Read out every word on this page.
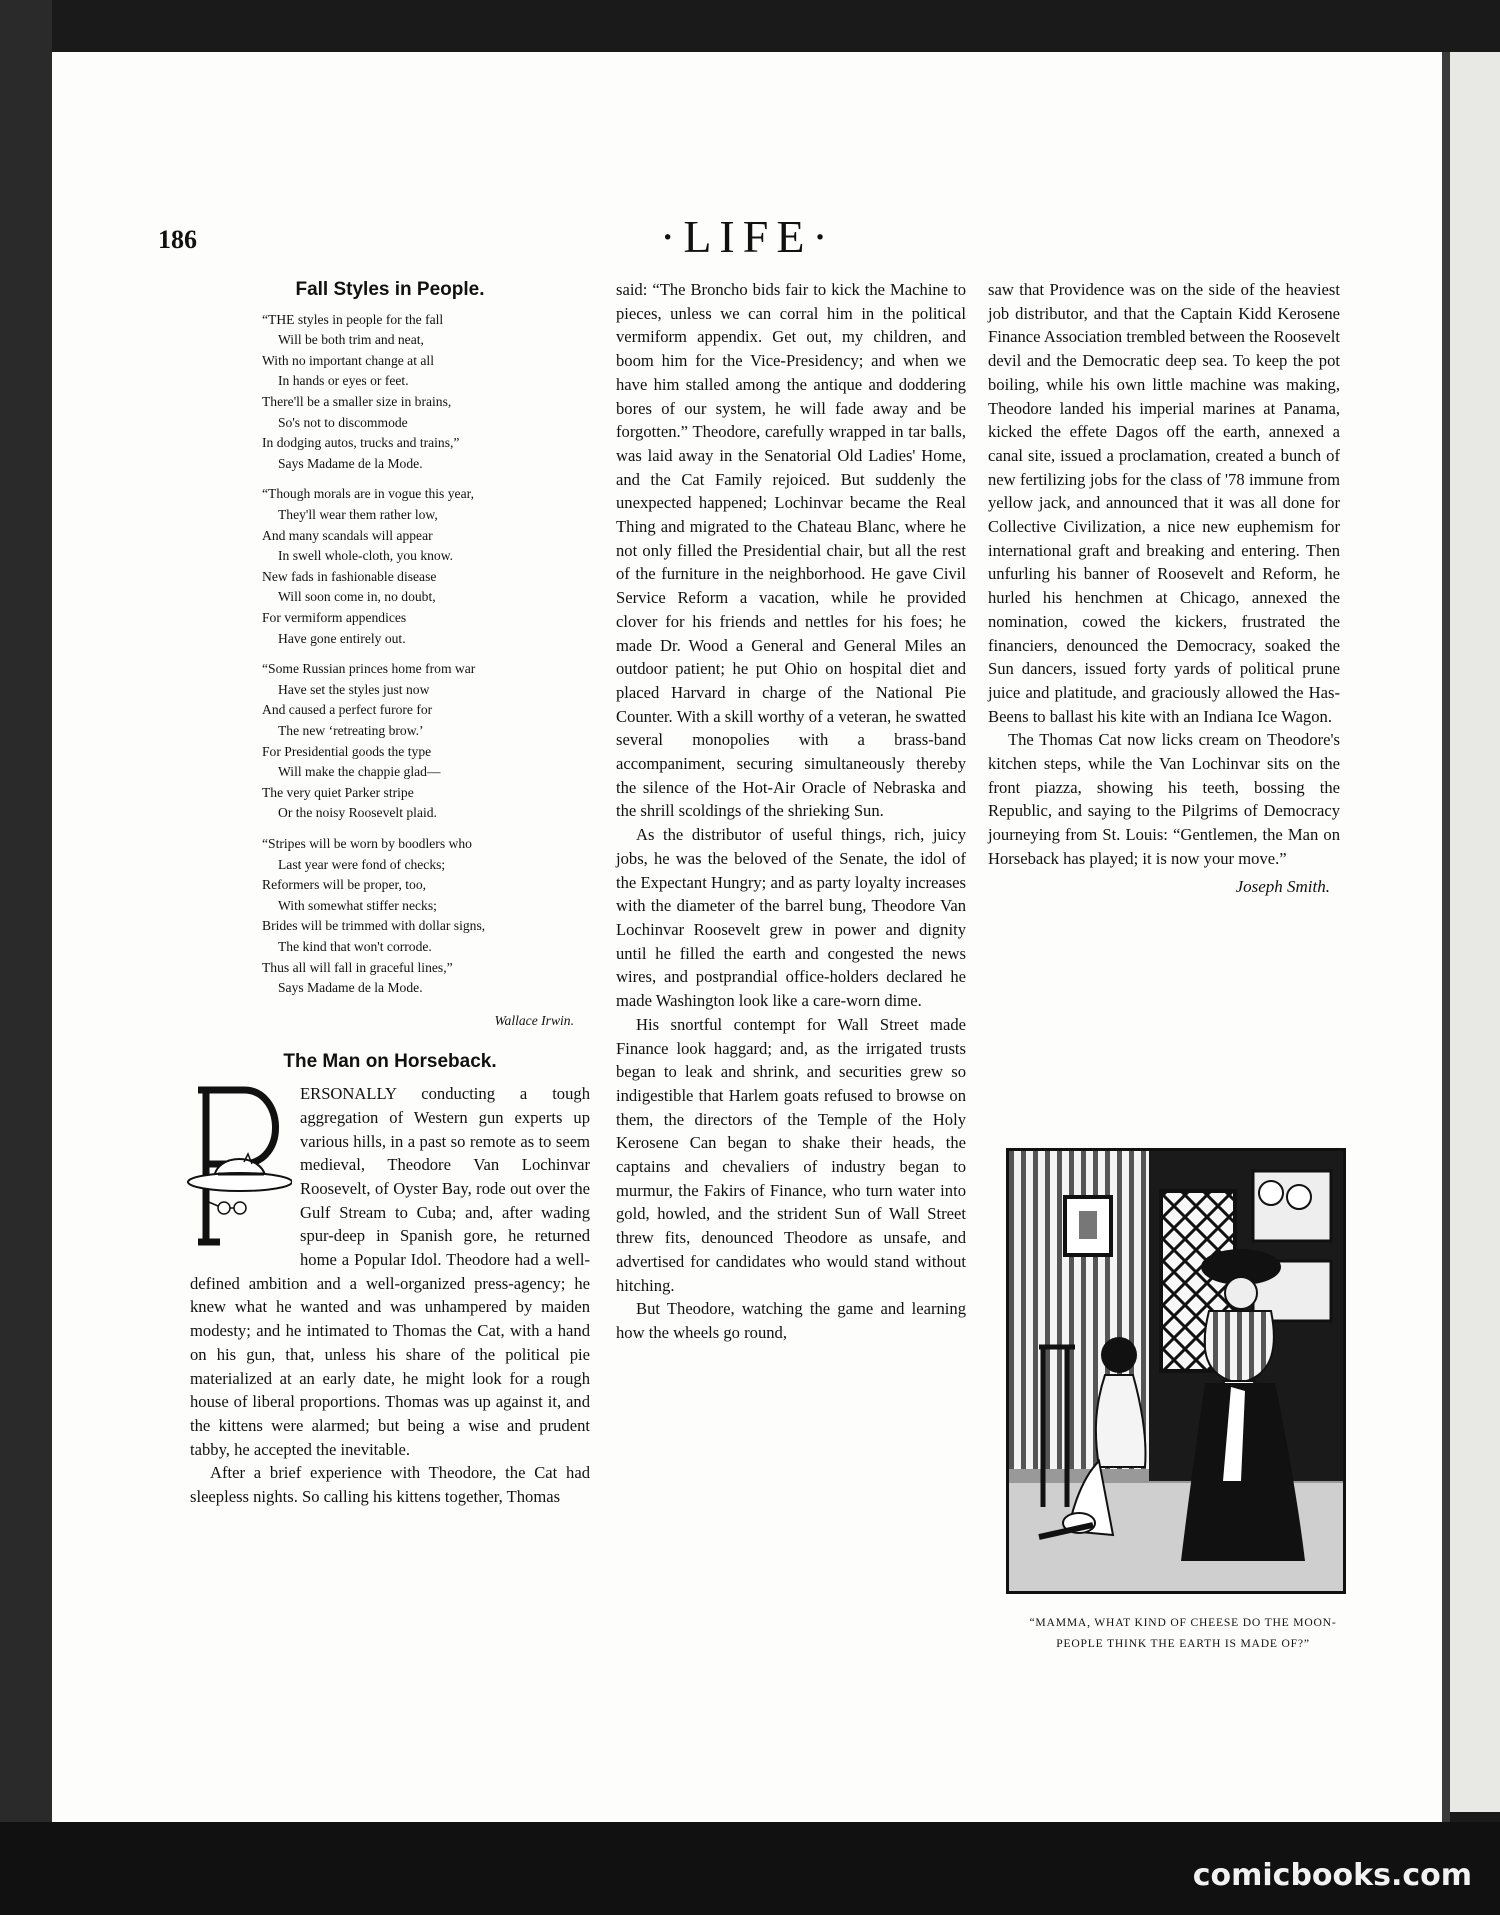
comicbooks.com
186	·LIFE·
Fall Styles in People.
“THE styles in people for the fall
Will be both trim and neat,
With no important change at all
In hands or eyes or feet.
There'll be a smaller size in brains,
So's not to discommode
In dodging autos, trucks and trains,”
Says Madame de la Mode.
“Though morals are in vogue this year,
They'll wear them rather low,
And many scandals will appear
In swell whole-cloth, you know.
New fads in fashionable disease
Will soon come in, no doubt,
For vermiform appendices
Have gone entirely out.
“Some Russian princes home from war
Have set the styles just now
And caused a perfect furore for
The new ‘retreating brow.’
For Presidential goods the type
Will make the chappie glad—
The very quiet Parker stripe
Or the noisy Roosevelt plaid.
“Stripes will be worn by boodlers who
Last year were fond of checks;
Reformers will be proper, too,
With somewhat stiffer necks;
Brides will be trimmed with dollar signs,
The kind that won't corrode.
Thus all will fall in graceful lines,”
Says Madame de la Mode.
Wallace Irwin.
The Man on Horseback.

ERSONALLY conducting a tough aggregation of Western gun experts up various hills, in a past so remote as to seem medieval, Theodore Van Lochinvar Roosevelt, of Oyster Bay, rode out over the Gulf Stream to Cuba; and, after wading spur-deep in Spanish gore, he returned home a Popular Idol. Theodore had a well-defined ambition and a well-organized press-agency; he knew what he wanted and was unhampered by maiden modesty; and he intimated to Thomas the Cat, with a hand on his gun, that, unless his share of the political pie materialized at an early date, he might look for a rough house of liberal proportions. Thomas was up against it, and the kittens were alarmed; but being a wise and prudent tabby, he accepted the inevitable.

After a brief experience with Theodore, the Cat had sleepless nights. So calling his kittens together, Thomas

said: “The Broncho bids fair to kick the Machine to pieces, unless we can corral him in the political vermiform appendix. Get out, my children, and boom him for the Vice-Presidency; and when we have him stalled among the antique and doddering bores of our system, he will fade away and be forgotten.” Theodore, carefully wrapped in tar balls, was laid away in the Senatorial Old Ladies' Home, and the Cat Family rejoiced. But suddenly the unexpected happened; Lochinvar became the Real Thing and migrated to the Chateau Blanc, where he not only filled the Presidential chair, but all the rest of the furniture in the neighborhood. He gave Civil Service Reform a vacation, while he provided clover for his friends and nettles for his foes; he made Dr. Wood a General and General Miles an outdoor patient; he put Ohio on hospital diet and placed Harvard in charge of the National Pie Counter. With a skill worthy of a veteran, he swatted several monopolies with a brass-band accompaniment, securing simultaneously thereby the silence of the Hot-Air Oracle of Nebraska and the shrill scoldings of the shrieking Sun.

As the distributor of useful things, rich, juicy jobs, he was the beloved of the Senate, the idol of the Expectant Hungry; and as party loyalty increases with the diameter of the barrel bung, Theodore Van Lochinvar Roosevelt grew in power and dignity until he filled the earth and congested the news wires, and postprandial office-holders declared he made Washington look like a care-worn dime.

His snortful contempt for Wall Street made Finance look haggard; and, as the irrigated trusts began to leak and shrink, and securities grew so indigestible that Harlem goats refused to browse on them, the directors of the Temple of the Holy Kerosene Can began to shake their heads, the captains and chevaliers of industry began to murmur, the Fakirs of Finance, who turn water into gold, howled, and the strident Sun of Wall Street threw fits, denounced Theodore as unsafe, and advertised for candidates who would stand without hitching.

But Theodore, watching the game and learning how the wheels go round,

saw that Providence was on the side of the heaviest job distributor, and that the Captain Kidd Kerosene Finance Association trembled between the Roosevelt devil and the Democratic deep sea. To keep the pot boiling, while his own little machine was making, Theodore landed his imperial marines at Panama, kicked the effete Dagos off the earth, annexed a canal site, issued a proclamation, created a bunch of new fertilizing jobs for the class of '78 immune from yellow jack, and announced that it was all done for Collective Civilization, a nice new euphemism for international graft and breaking and entering. Then unfurling his banner of Roosevelt and Reform, he hurled his henchmen at Chicago, annexed the nomination, cowed the kickers, frustrated the financiers, denounced the Democracy, soaked the Sun dancers, issued forty yards of political prune juice and platitude, and graciously allowed the Has-Beens to ballast his kite with an Indiana Ice Wagon.

The Thomas Cat now licks cream on Theodore's kitchen steps, while the Van Lochinvar sits on the front piazza, showing his teeth, bossing the Republic, and saying to the Pilgrims of Democracy journeying from St. Louis: “Gentlemen, the Man on Horseback has played; it is now your move.”

Joseph Smith.
“MAMMA, WHAT KIND OF CHEESE DO THE MOON-PEOPLE THINK THE EARTH IS MADE OF?”
